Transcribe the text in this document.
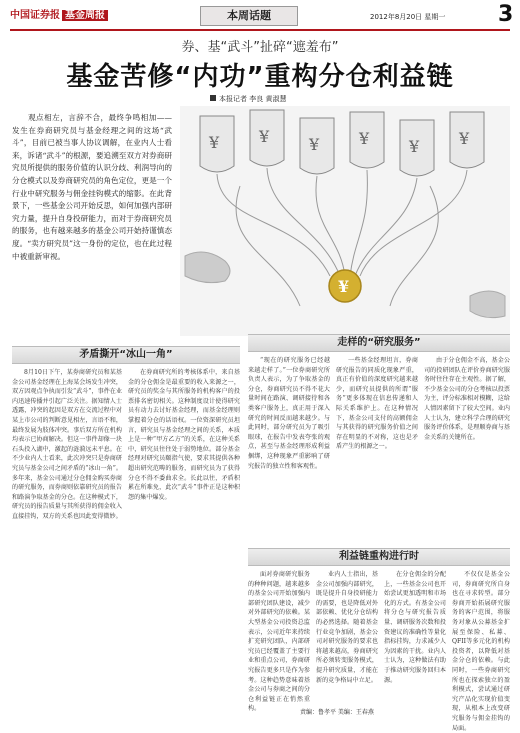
中国证券报 基金周报	本周话题	2012年8月20日 星期一 3
券、基“武斗”扯碎“遮羞布”
基金苦修“内功”重构分仓利益链
本报记者 李良 黄淑慧
观点相左，言辞不合，最终争鸣相加——发生在券商研究员与基金经理之间的这场“武斗”，目前已被当事人协议调解，在业内人士看来，诉诸“武斗”的根源，要追溯至双方对券商研究员所提供的服务价值的认识分歧、利润导向的分仓模式以及券商研究员的角色定位，更是一个行业中研究服务与佣金挂钩模式的缩影。在此背景下，一些基金公司开始反思，如何加强内部研究力量，提升自身投研能力，而对于券商研究员的服务，也有越来越多的基金公司开始持谨慎态度。“卖方研究员”这一身份的定位，也在此过程中被重新审视。
¥ ¥ ¥ ¥ ¥ ¥
¥
矛盾撕开“冰山一角”
走样的“研究服务”
利益链重构进行时
8月10日下午，某券商研究员和某基金公司基金经理在上海某会场发生冲突，双方因观点争执而引发“武斗”，事件在业内迅速传播并引起广泛关注。据知情人士透露，冲突的起因是双方在交流过程中对某上市公司的判断意见相左，言语不和，最终发展为肢体冲突。事后双方所在机构均表示已协商解决。但这一事件却像一块石头投入湖中，激起的涟漪远未平息。在不少业内人士看来，此次冲突只是券商研究员与基金公司之间矛盾的“冰山一角”。多年来，基金公司通过分仓佣金购买券商的研究服务，而券商则依靠研究员的报告和路演争取基金的分仓。在这种模式下，研究员的报告质量与其所获得的佣金收入直接挂钩，双方的关系也因此变得微妙。
在券商研究所的考核体系中，来自基金的分仓佣金是最重要的收入来源之一，研究员的奖金与其所服务的机构客户的投票排名密切相关。这种制度设计使得研究员有动力去讨好基金经理，而基金经理则掌握着分仓的话语权。一位资深研究员坦言，研究员与基金经理之间的关系，本质上是一种“甲方乙方”的关系，在这种关系中，研究员往往处于弱势地位。部分基金经理对研究员颐指气使，要求其提供各种超出研究范畴的服务，而研究员为了获得分仓不得不委曲求全。长此以往，矛盾积累在所难免，此次“武斗”事件正是这种积怨的集中爆发。
“现在的研究服务已经越来越走样了。”一位券商研究所负责人表示，为了争取基金的分仓，券商研究员不得不花大量时间在路演、调研接待和各类客户服务上，真正用于深入研究的时间反而越来越少。与此同时，部分研究员为了吸引眼球，在报告中发表夸张的观点，甚至与基金经理形成利益捆绑，这种现象严重影响了研究报告的独立性和客观性。
一些基金经理坦言，券商研究报告的同质化现象严重，真正有价值的深度研究越来越少，而研究员提供的所谓“服务”更多体现在信息传递和人际关系维护上。在这种情况下，基金公司支付的高额佣金与其获得的研究服务价值之间存在明显的不对称，这也是矛盾产生的根源之一。
由于分仓佣金不高，基金公司的投研团队在评价券商研究服务时往往存在主观性。据了解，不少基金公司的分仓考核以投票为主，评分标准相对模糊，这给人情因素留下了较大空间。业内人士认为，建立科学合理的研究服务评价体系，是理顺券商与基金关系的关键所在。
面对券商研究服务的种种问题，越来越多的基金公司开始加强内部研究团队建设，减少对外部研究的依赖。某大型基金公司投资总监表示，公司近年来持续扩充研究团队，内部研究员已经覆盖了主要行业和重点公司，券商研究报告更多只是作为参考。这种趋势意味着基金公司与券商之间的分仓利益链正在悄然重构。
业内人士指出，基金公司加强内部研究，既是提升自身投研能力的需要，也是降低对外部依赖、优化分仓结构的必然选择。随着基金行业竞争加剧，基金公司对研究服务的要求也将越来越高，券商研究所必须转变服务模式，提升研究质量，才能在新的竞争格局中立足。
在分仓佣金的分配上，一些基金公司也开始尝试更加透明和市场化的方式。有基金公司将分仓与研究报告质量、调研服务次数和投资建议的准确性等量化指标挂钩，力求减少人为因素的干扰。业内人士认为，这种做法有助于推动研究服务回归本源。
不仅仅是基金公司，券商研究所自身也在寻求转型。部分券商开始拓展研究服务的客户范围，将服务对象从公募基金扩展至保险、私募、QFII等多元化的机构投资者，以降低对基金分仓的依赖。与此同时，一些券商研究所也在探索独立的盈利模式，尝试通过研究产品化实现价值变现，从根本上改变研究服务与佣金挂钩的局面。
责编：鲁孝平 美编：王春燕
